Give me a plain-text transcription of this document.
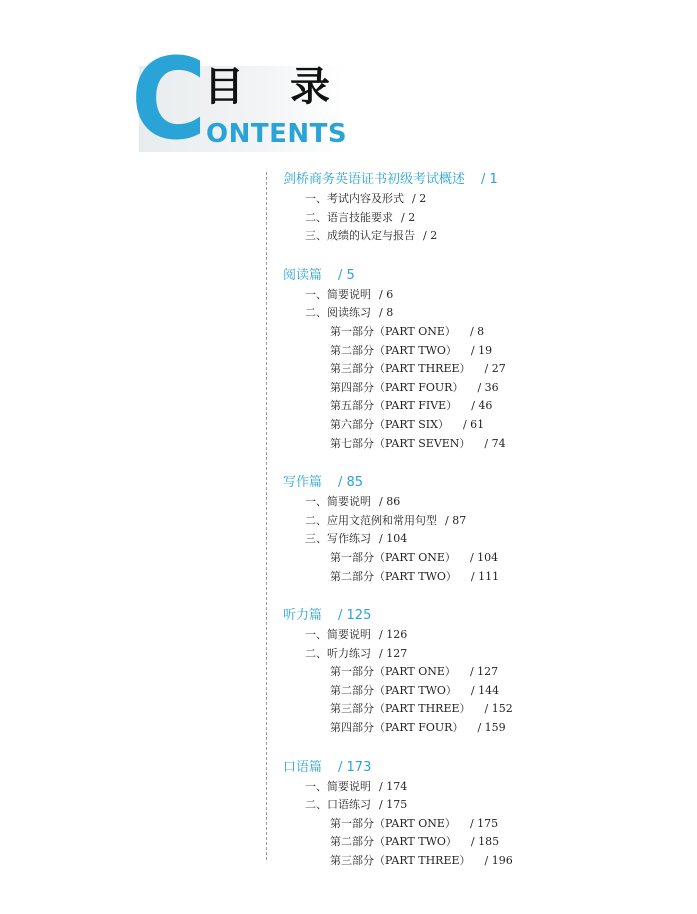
C
目录
ONTENTS
剑桥商务英语证书初级考试概述 / 1
一、考试内容及形式 / 2
二、语言技能要求 / 2
三、成绩的认定与报告 / 2
阅读篇 / 5
一、简要说明 / 6
二、阅读练习 / 8
第一部分（PART ONE） / 8
第二部分（PART TWO） / 19
第三部分（PART THREE） / 27
第四部分（PART FOUR） / 36
第五部分（PART FIVE） / 46
第六部分（PART SIX） / 61
第七部分（PART SEVEN） / 74
写作篇 / 85
一、简要说明 / 86
二、应用文范例和常用句型 / 87
三、写作练习 / 104
第一部分（PART ONE） / 104
第二部分（PART TWO） / 111
听力篇 / 125
一、简要说明 / 126
二、听力练习 / 127
第一部分（PART ONE） / 127
第二部分（PART TWO） / 144
第三部分（PART THREE） / 152
第四部分（PART FOUR） / 159
口语篇 / 173
一、简要说明 / 174
二、口语练习 / 175
第一部分（PART ONE） / 175
第二部分（PART TWO） / 185
第三部分（PART THREE） / 196
